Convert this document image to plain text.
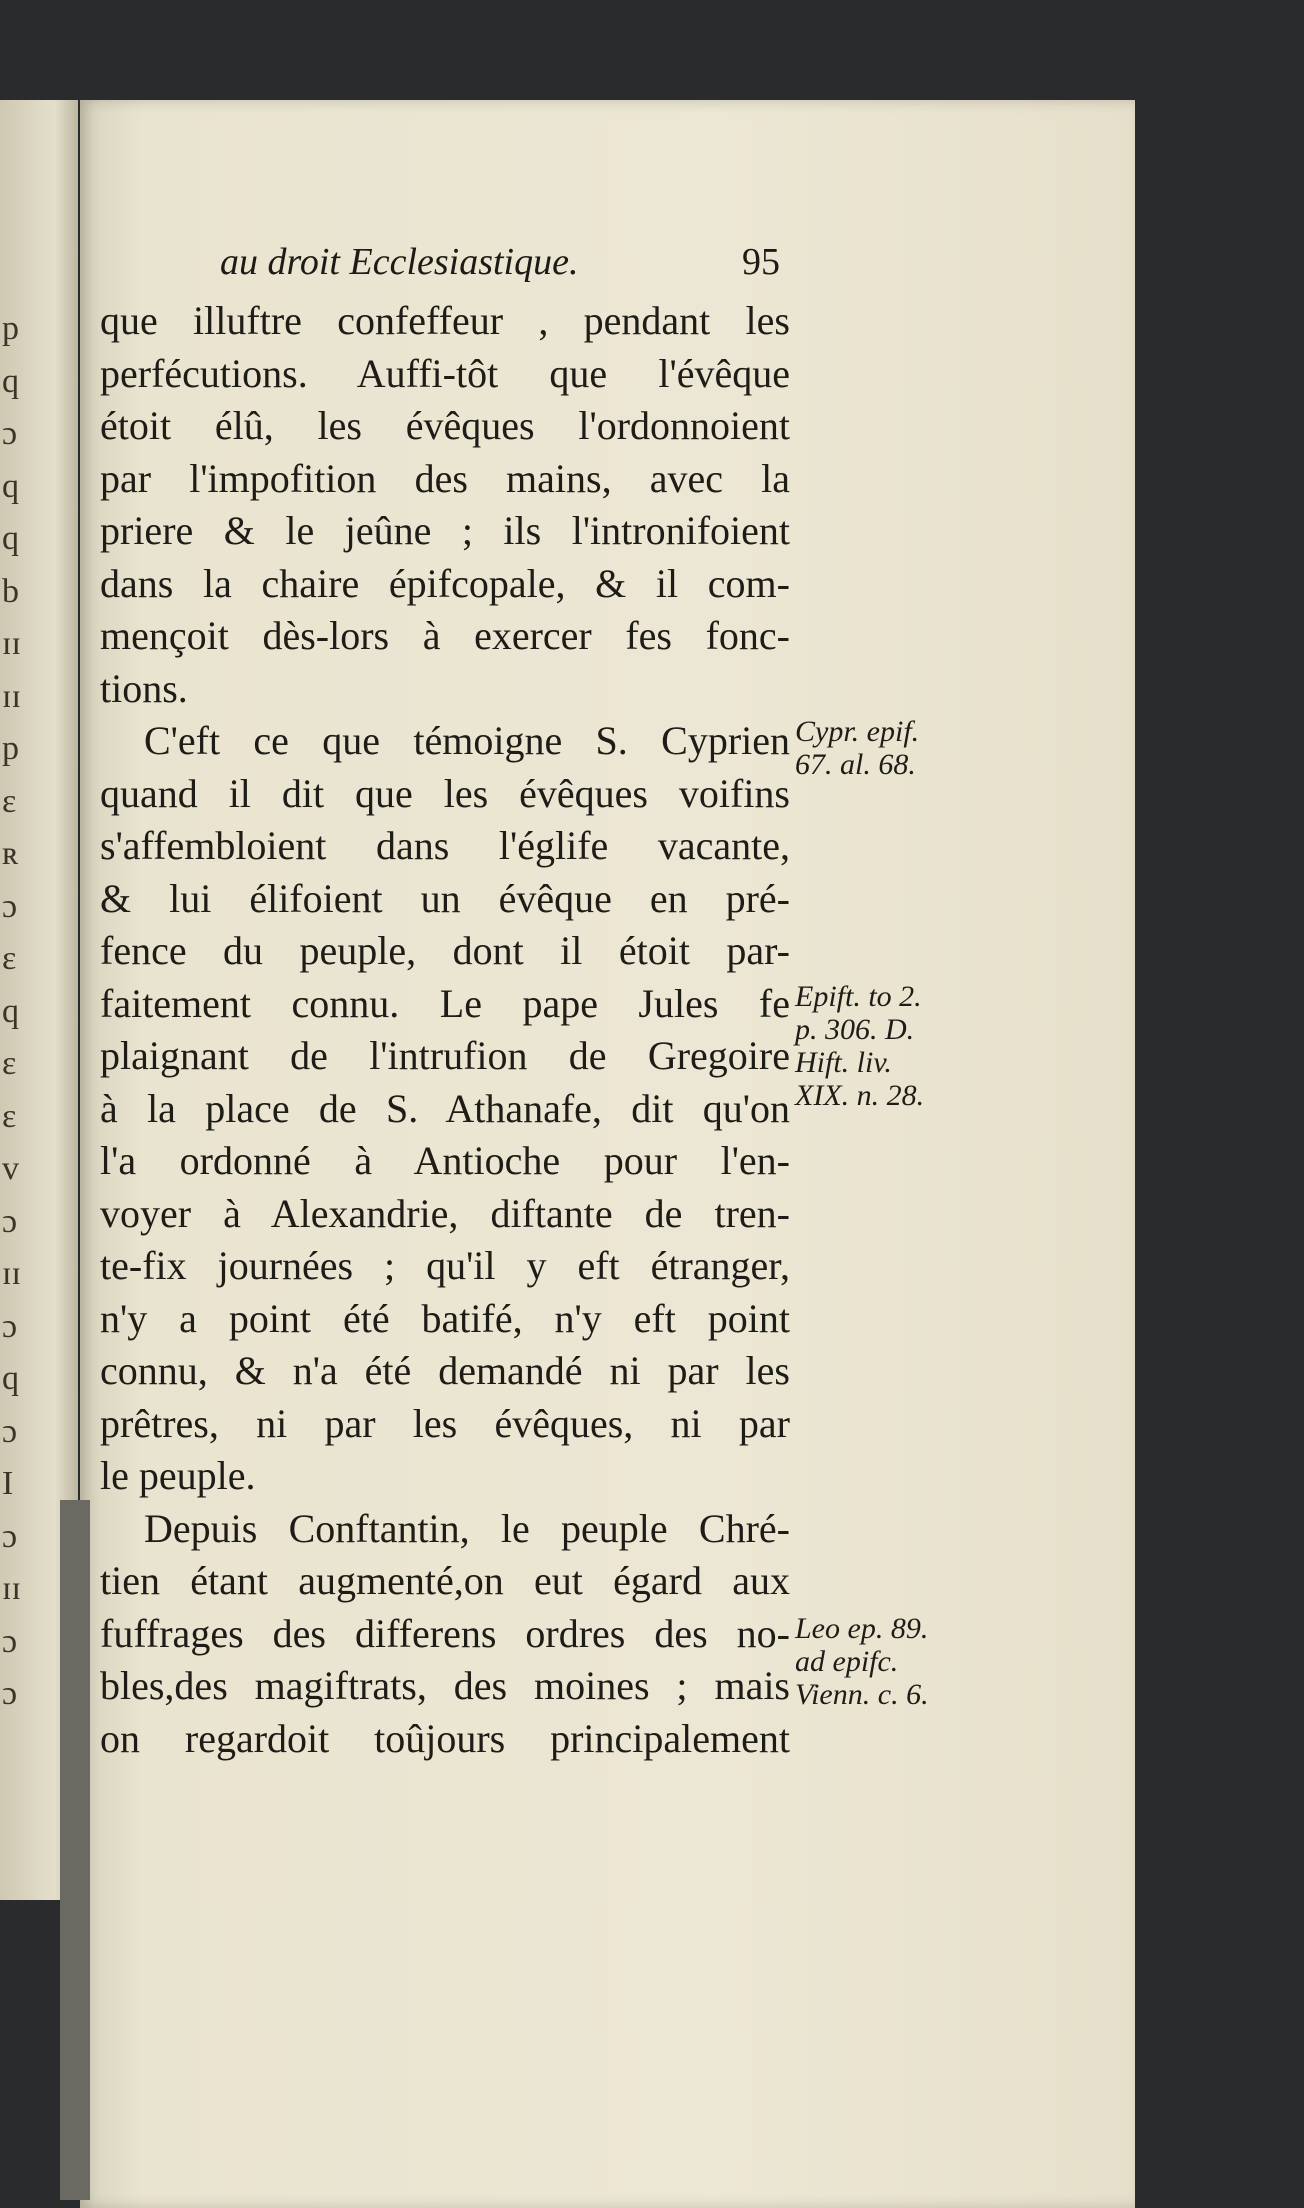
p
q
ɔ
q
q
b
ɪɪ
ɪɪ
p
ɛ
ʀ
ɔ
ɛ
q
ɛ
ɛ
v
ɔ
ɪɪ
ɔ
q
ɔ
I
ɔ
ɪɪ
ɔ
ɔ
au droit Ecclesiastique.	95
que illuftre confeffeur , pendant les
perfécutions. Auffi-tôt que l'évêque
étoit élû, les évêques l'ordonnoient
par l'impofition des mains, avec la
priere & le jeûne ; ils l'intronifoient
dans la chaire épifcopale, & il com-
mençoit dès-lors à exercer fes fonc-
tions.
C'eft ce que témoigne S. Cyprien
quand il dit que les évêques voifins
s'affembloient dans l'églife vacante,
& lui élifoient un évêque en pré-
fence du peuple, dont il étoit par-
faitement connu. Le pape Jules fe
plaignant de l'intrufion de Gregoire
à la place de S. Athanafe, dit qu'on
l'a ordonné à Antioche pour l'en-
voyer à Alexandrie, diftante de tren-
te-fix journées ; qu'il y eft étranger,
n'y a point été batifé, n'y eft point
connu, & n'a été demandé ni par les
prêtres, ni par les évêques, ni par
le peuple.
Depuis Conftantin, le peuple Chré-
tien étant augmenté,on eut égard aux
fuffrages des differens ordres des no-
bles,des magiftrats, des moines ; mais
on regardoit toûjours principalement
Cypr. epif.
67. al. 68.
Epift. to 2.
p. 306. D.
Hift. liv.
XIX. n. 28.
Leo ep. 89.
ad epifc.
Vienn. c. 6.
